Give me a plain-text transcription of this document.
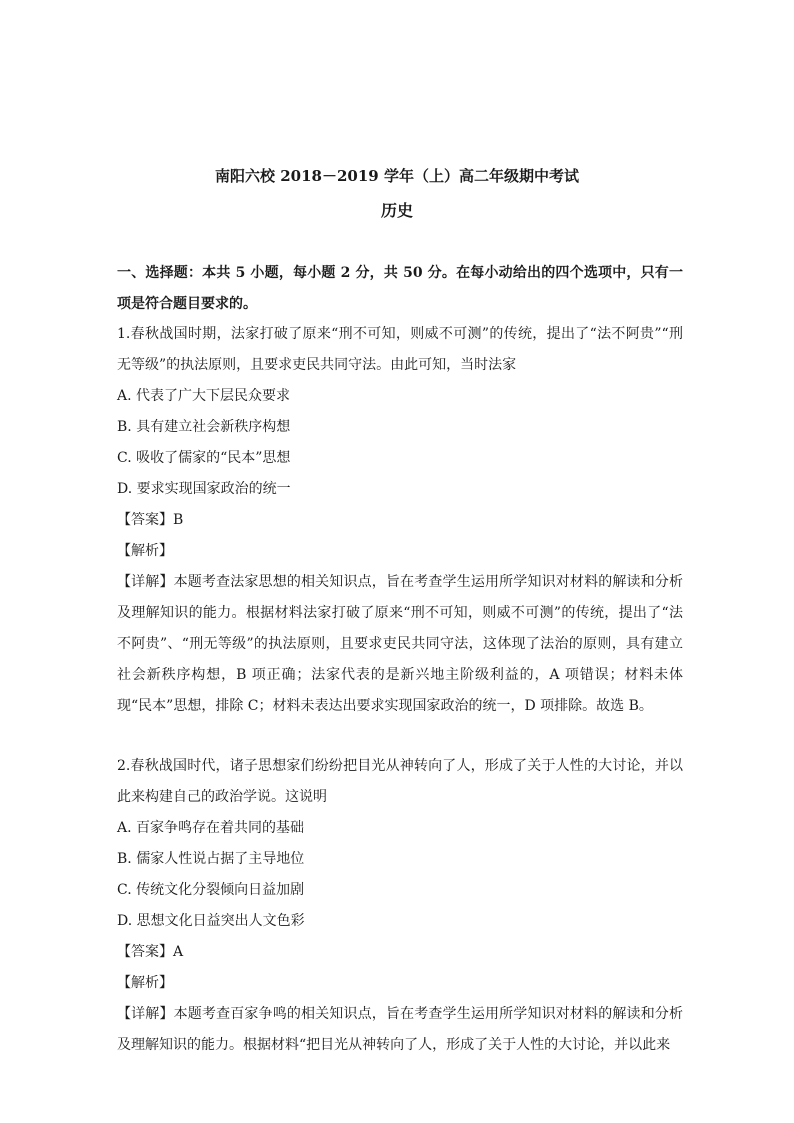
南阳六校 2018－2019 学年（上）高二年级期中考试
历史

一、选择题：本共 5 小题，每小题 2 分，共 50 分。在每小动给出的四个选项中，只有一项是符合题目要求的。

1.春秋战国时期，法家打破了原来“刑不可知，则威不可测”的传统，提出了“法不阿贵”“刑无等级”的执法原则，且要求吏民共同守法。由此可知，当时法家

A. 代表了广大下层民众要求

B. 具有建立社会新秩序构想

C. 吸收了儒家的“民本”思想

D. 要求实现国家政治的统一

【答案】B

【解析】

【详解】本题考查法家思想的相关知识点，旨在考查学生运用所学知识对材料的解读和分析及理解知识的能力。根据材料法家打破了原来“刑不可知，则威不可测”的传统，提出了“法不阿贵”、“刑无等级”的执法原则，且要求吏民共同守法，这体现了法治的原则，具有建立社会新秩序构想，B 项正确；法家代表的是新兴地主阶级利益的，A 项错误；材料未体现“民本”思想，排除 C；材料未表达出要求实现国家政治的统一，D 项排除。故选 B。

2.春秋战国时代，诸子思想家们纷纷把目光从神转向了人，形成了关于人性的大讨论，并以此来构建自己的政治学说。这说明

A. 百家争鸣存在着共同的基础

B. 儒家人性说占据了主导地位

C. 传统文化分裂倾向日益加剧

D. 思想文化日益突出人文色彩

【答案】A

【解析】

【详解】本题考查百家争鸣的相关知识点，旨在考查学生运用所学知识对材料的解读和分析及理解知识的能力。根据材料“把目光从神转向了人，形成了关于人性的大讨论，并以此来
